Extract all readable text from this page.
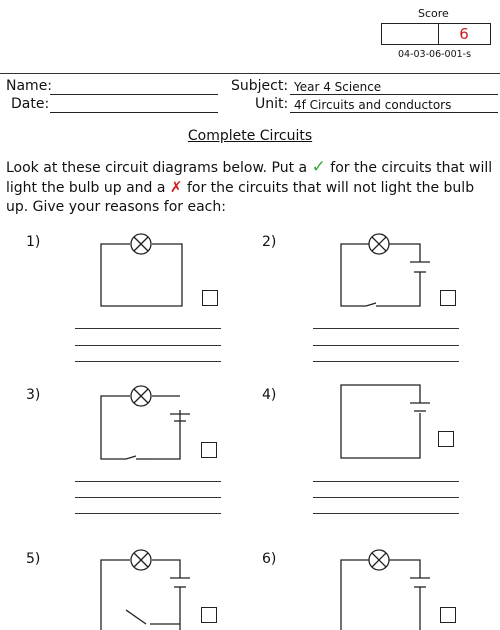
Score
6
04-03-06-001-s
Name:
Date:
Subject: Year 4 Science
Unit: 4f Circuits and conductors
Complete Circuits
Look at these circuit diagrams below. Put a ✓ for the circuits that will light the bulb up and a ✗ for the circuits that will not light the bulb up. Give your reasons for each:
1)	2)
3)	4)
5)	6)
